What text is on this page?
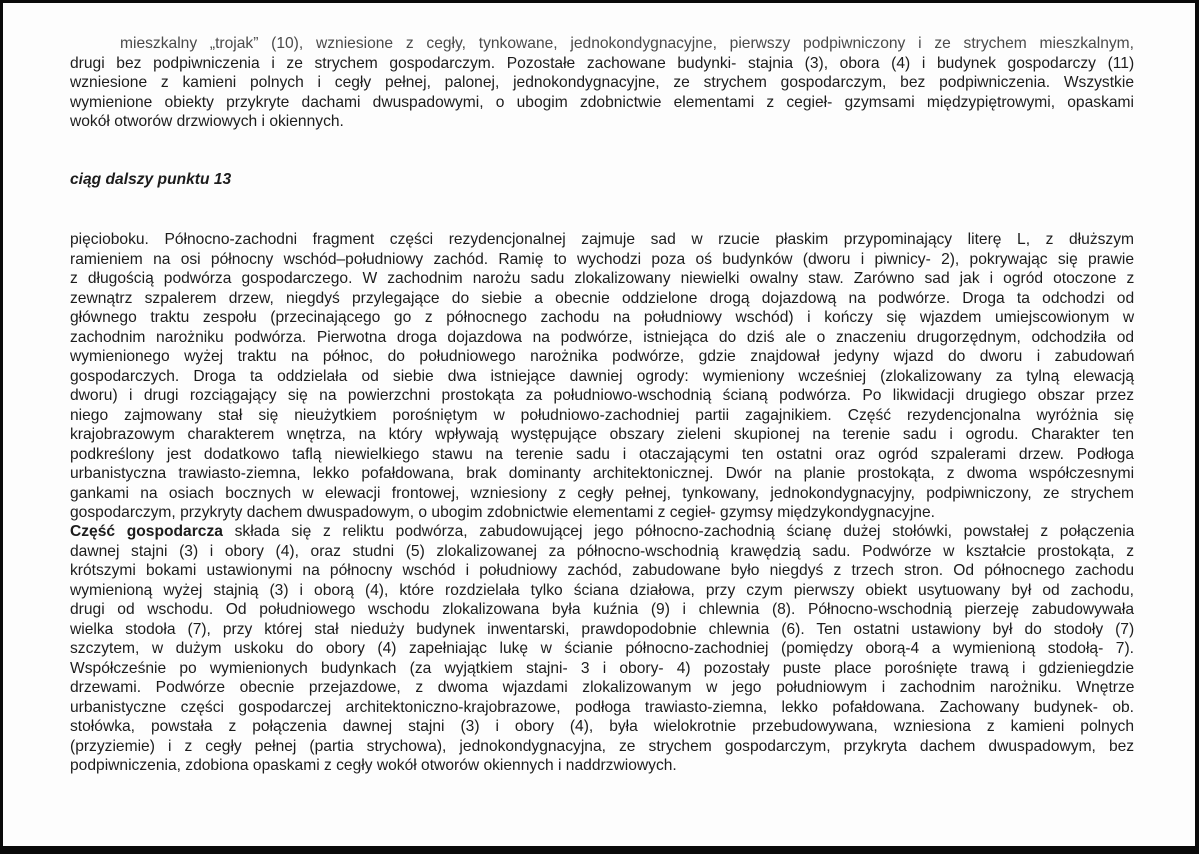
mieszkalny „trojak” (10), wzniesione z cegły, tynkowane, jednokondygnacyjne, pierwszy podpiwniczony i ze strychem mieszkalnym,
drugi bez podpiwniczenia i ze strychem gospodarczym. Pozostałe zachowane budynki- stajnia (3), obora (4) i budynek gospodarczy (11)
wzniesione z kamieni polnych i cegły pełnej, palonej, jednokondygnacyjne, ze strychem gospodarczym, bez podpiwniczenia. Wszystkie
wymienione obiekty przykryte dachami dwuspadowymi, o ubogim zdobnictwie elementami z cegieł- gzymsami międzypiętrowymi, opaskami
wokół otworów drzwiowych i okiennych.
ciąg dalszy punktu 13
pięcioboku. Północno-zachodni fragment części rezydencjonalnej zajmuje sad w rzucie płaskim przypominający literę L, z dłuższym
ramieniem na osi północny wschód–południowy zachód. Ramię to wychodzi poza oś budynków (dworu i piwnicy- 2), pokrywając się prawie
z długością podwórza gospodarczego. W zachodnim narożu sadu zlokalizowany niewielki owalny staw. Zarówno sad jak i ogród otoczone z
zewnątrz szpalerem drzew, niegdyś przylegające do siebie a obecnie oddzielone drogą dojazdową na podwórze. Droga ta odchodzi od
głównego traktu zespołu (przecinającego go z północnego zachodu na południowy wschód) i kończy się wjazdem umiejscowionym w
zachodnim narożniku podwórza. Pierwotna droga dojazdowa na podwórze, istniejąca do dziś ale o znaczeniu drugorzędnym, odchodziła od
wymienionego wyżej traktu na północ, do południowego narożnika podwórze, gdzie znajdował jedyny wjazd do dworu i zabudowań
gospodarczych. Droga ta oddzielała od siebie dwa istniejące dawniej ogrody: wymieniony wcześniej (zlokalizowany za tylną elewacją
dworu) i drugi rozciągający się na powierzchni prostokąta za południowo-wschodnią ścianą podwórza. Po likwidacji drugiego obszar przez
niego zajmowany stał się nieużytkiem porośniętym w południowo-zachodniej partii zagajnikiem. Część rezydencjonalna wyróżnia się
krajobrazowym charakterem wnętrza, na który wpływają występujące obszary zieleni skupionej na terenie sadu i ogrodu. Charakter ten
podkreślony jest dodatkowo taflą niewielkiego stawu na terenie sadu i otaczającymi ten ostatni oraz ogród szpalerami drzew. Podłoga
urbanistyczna trawiasto-ziemna, lekko pofałdowana, brak dominanty architektonicznej. Dwór na planie prostokąta, z dwoma współczesnymi
gankami na osiach bocznych w elewacji frontowej, wzniesiony z cegły pełnej, tynkowany, jednokondygnacyjny, podpiwniczony, ze strychem
gospodarczym, przykryty dachem dwuspadowym, o ubogim zdobnictwie elementami z cegieł- gzymsy międzykondygnacyjne.
Część gospodarcza składa się z reliktu podwórza, zabudowującej jego północno-zachodnią ścianę dużej stołówki, powstałej z połączenia
dawnej stajni (3) i obory (4), oraz studni (5) zlokalizowanej za północno-wschodnią krawędzią sadu. Podwórze w kształcie prostokąta, z
krótszymi bokami ustawionymi na północny wschód i południowy zachód, zabudowane było niegdyś z trzech stron. Od północnego zachodu
wymienioną wyżej stajnią (3) i oborą (4), które rozdzielała tylko ściana działowa, przy czym pierwszy obiekt usytuowany był od zachodu,
drugi od wschodu. Od południowego wschodu zlokalizowana była kuźnia (9) i chlewnia (8). Północno-wschodnią pierzeję zabudowywała
wielka stodoła (7), przy której stał nieduży budynek inwentarski, prawdopodobnie chlewnia (6). Ten ostatni ustawiony był do stodoły (7)
szczytem, w dużym uskoku do obory (4) zapełniając lukę w ścianie północno-zachodniej (pomiędzy oborą-4 a wymienioną stodołą- 7).
Współcześnie po wymienionych budynkach (za wyjątkiem stajni- 3 i obory- 4) pozostały puste place porośnięte trawą i gdzieniegdzie
drzewami. Podwórze obecnie przejazdowe, z dwoma wjazdami zlokalizowanym w jego południowym i zachodnim narożniku. Wnętrze
urbanistyczne części gospodarczej architektoniczno-krajobrazowe, podłoga trawiasto-ziemna, lekko pofałdowana. Zachowany budynek- ob.
stołówka, powstała z połączenia dawnej stajni (3) i obory (4), była wielokrotnie przebudowywana, wzniesiona z kamieni polnych
(przyziemie) i z cegły pełnej (partia strychowa), jednokondygnacyjna, ze strychem gospodarczym, przykryta dachem dwuspadowym, bez
podpiwniczenia, zdobiona opaskami z cegły wokół otworów okiennych i naddrzwiowych.
